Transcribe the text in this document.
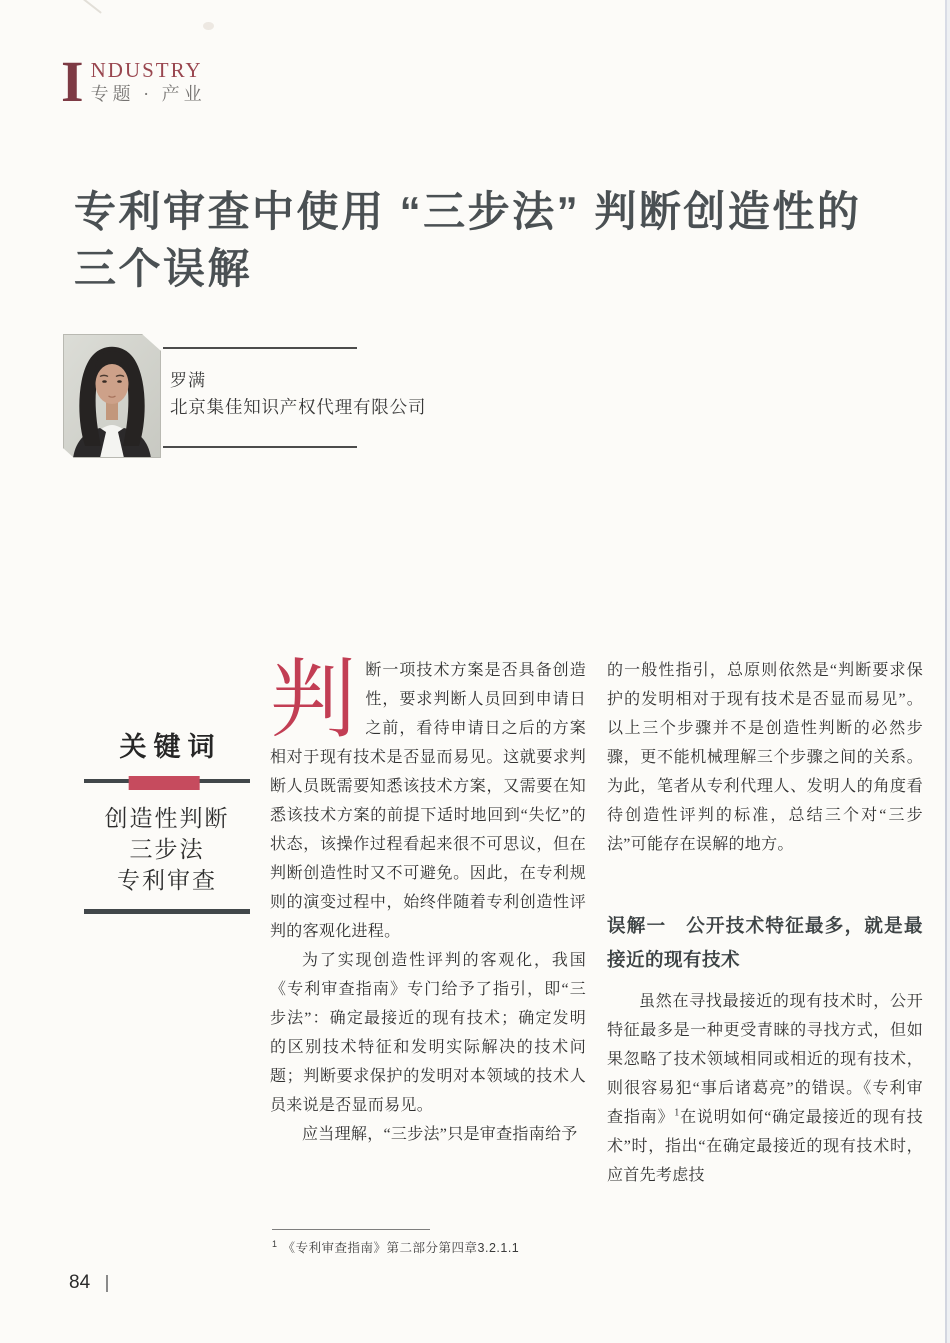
I NDUSTRY
专题 · 产业
专利审查中使用 “三步法” 判断创造性的
三个误解
罗满
北京集佳知识产权代理有限公司
关键词
创造性判断
三步法
专利审查

判断一项技术方案是否具备创造性，要求判断人员回到申请日之前，看待申请日之后的方案相对于现有技术是否显而易见。这就要求判断人员既需要知悉该技术方案，又需要在知悉该技术方案的前提下适时地回到“失忆”的状态，该操作过程看起来很不可思议，但在判断创造性时又不可避免。因此，在专利规则的演变过程中，始终伴随着专利创造性评判的客观化进程。

为了实现创造性评判的客观化，我国《专利审查指南》专门给予了指引，即“三步法”：确定最接近的现有技术；确定发明的区别技术特征和发明实际解决的技术问题；判断要求保护的发明对本领域的技术人员来说是否显而易见。

应当理解，“三步法”只是审查指南给予

的一般性指引，总原则依然是“判断要求保护的发明相对于现有技术是否显而易见”。以上三个步骤并不是创造性判断的必然步骤，更不能机械理解三个步骤之间的关系。为此，笔者从专利代理人、发明人的角度看待创造性评判的标准，总结三个对“三步法”可能存在误解的地方。

误解一　公开技术特征最多，就是最接近的现有技术

虽然在寻找最接近的现有技术时，公开特征最多是一种更受青睐的寻找方式，但如果忽略了技术领域相同或相近的现有技术，则很容易犯“事后诸葛亮”的错误。《专利审查指南》$^1$在说明如何“确定最接近的现有技术”时，指出“在确定最接近的现有技术时，应首先考虑技

$^1$ 《专利审查指南》第二部分第四章3.2.1.1
84
